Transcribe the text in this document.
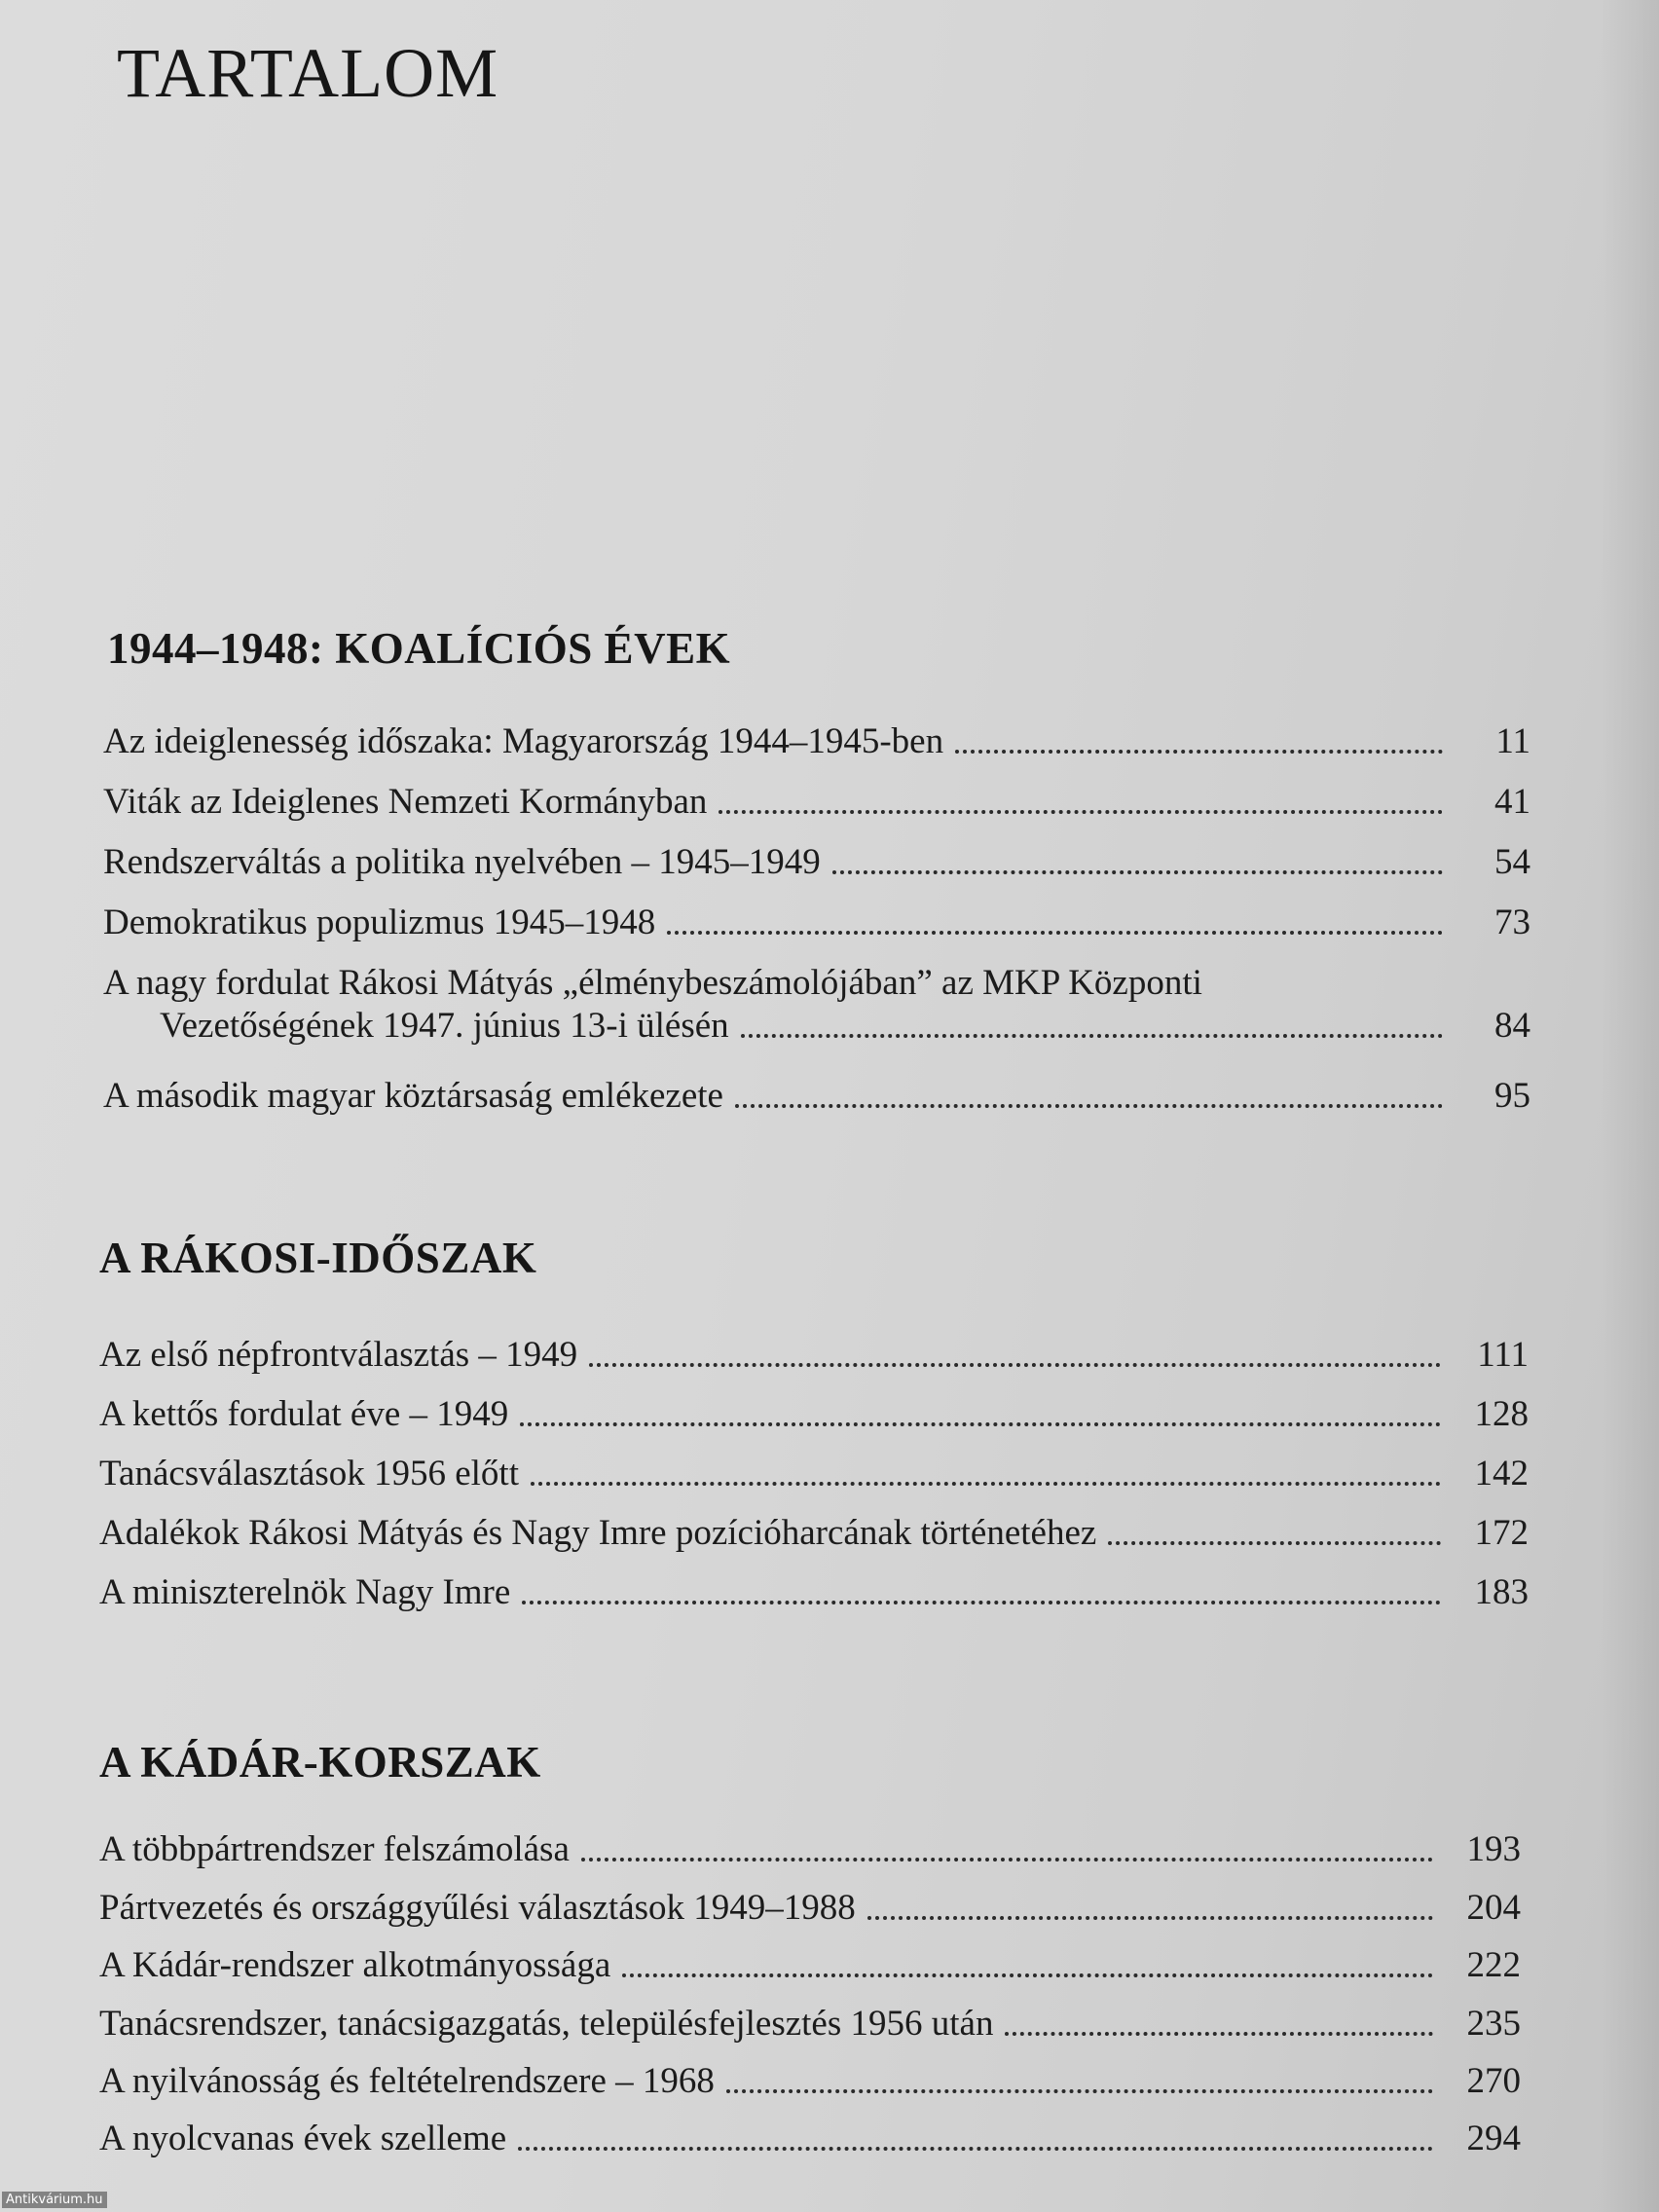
TARTALOM
1944–1948: KOALÍCIÓS ÉVEK
Az ideiglenesség időszaka: Magyarország 1944–1945-ben	11
Viták az Ideiglenes Nemzeti Kormányban	41
Rendszerváltás a politika nyelvében – 1945–1949	54
Demokratikus populizmus 1945–1948	73
A nagy fordulat Rákosi Mátyás „élménybeszámolójában” az MKP Központi
Vezetőségének 1947. június 13-i ülésén	84
A második magyar köztársaság emlékezete	95
A RÁKOSI-IDŐSZAK
Az első népfrontválasztás – 1949	111
A kettős fordulat éve – 1949	128
Tanácsválasztások 1956 előtt	142
Adalékok Rákosi Mátyás és Nagy Imre pozícióharcának történetéhez	172
A miniszterelnök Nagy Imre	183
A KÁDÁR-KORSZAK
A többpártrendszer felszámolása	193
Pártvezetés és országgyűlési választások 1949–1988	204
A Kádár-rendszer alkotmányossága	222
Tanácsrendszer, tanácsigazgatás, településfejlesztés 1956 után	235
A nyilvánosság és feltételrendszere – 1968	270
A nyolcvanas évek szelleme	294
Antikvárium.hu
